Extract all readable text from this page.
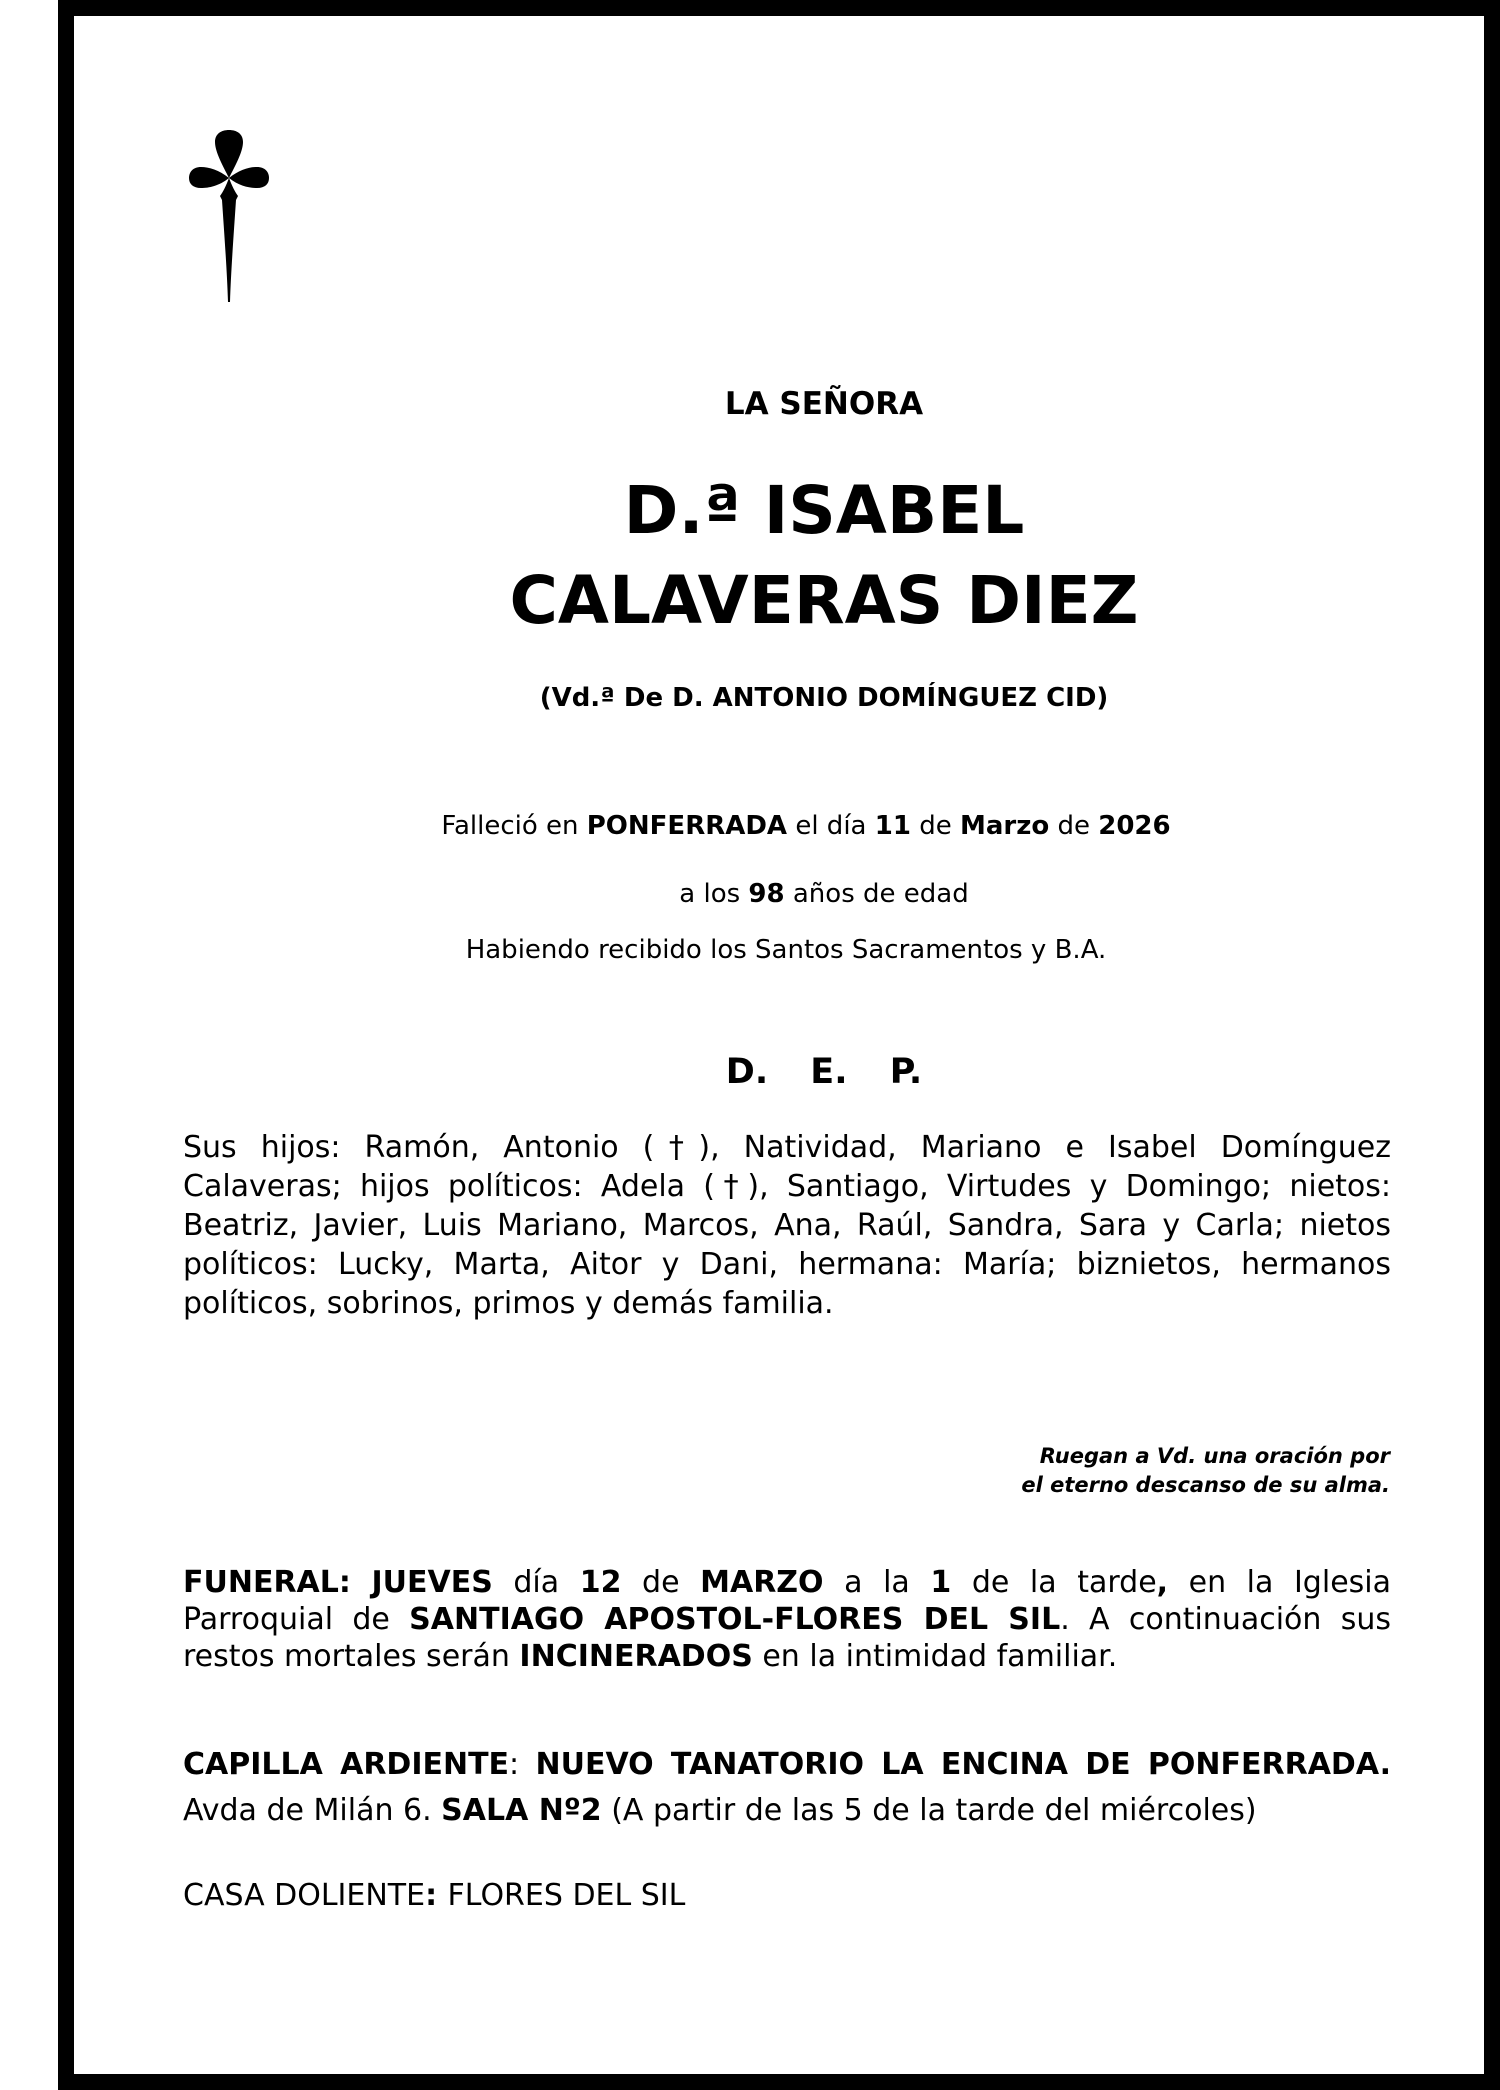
LA SEÑORA
D.ª ISABEL
CALAVERAS DIEZ
(Vd.ª De D. ANTONIO DOMÍNGUEZ CID)
Falleció en PONFERRADA el día 11 de Marzo de 2026
a los 98 años de edad
Habiendo recibido los Santos Sacramentos y B.A.
D. E. P.
Sus hijos: Ramón, Antonio (†), Natividad, Mariano e Isabel Domínguez Calaveras; hijos políticos: Adela (†), Santiago, Virtudes y Domingo; nietos: Beatriz, Javier, Luis Mariano, Marcos, Ana, Raúl, Sandra, Sara y Carla; nietos políticos: Lucky, Marta, Aitor y Dani, hermana: María; biznietos, hermanos políticos, sobrinos, primos y demás familia.
Ruegan a Vd. una oración por
el eterno descanso de su alma.
FUNERAL: JUEVES día 12 de MARZO a la 1 de la tarde, en la Iglesia Parroquial de SANTIAGO APOSTOL-FLORES DEL SIL. A continuación sus restos mortales serán INCINERADOS en la intimidad familiar.
CAPILLA ARDIENTE: NUEVO TANATORIO LA ENCINA DE PONFERRADA. Avda de Milán 6. SALA Nº2 (A partir de las 5 de la tarde del miércoles)
CASA DOLIENTE: FLORES DEL SIL
